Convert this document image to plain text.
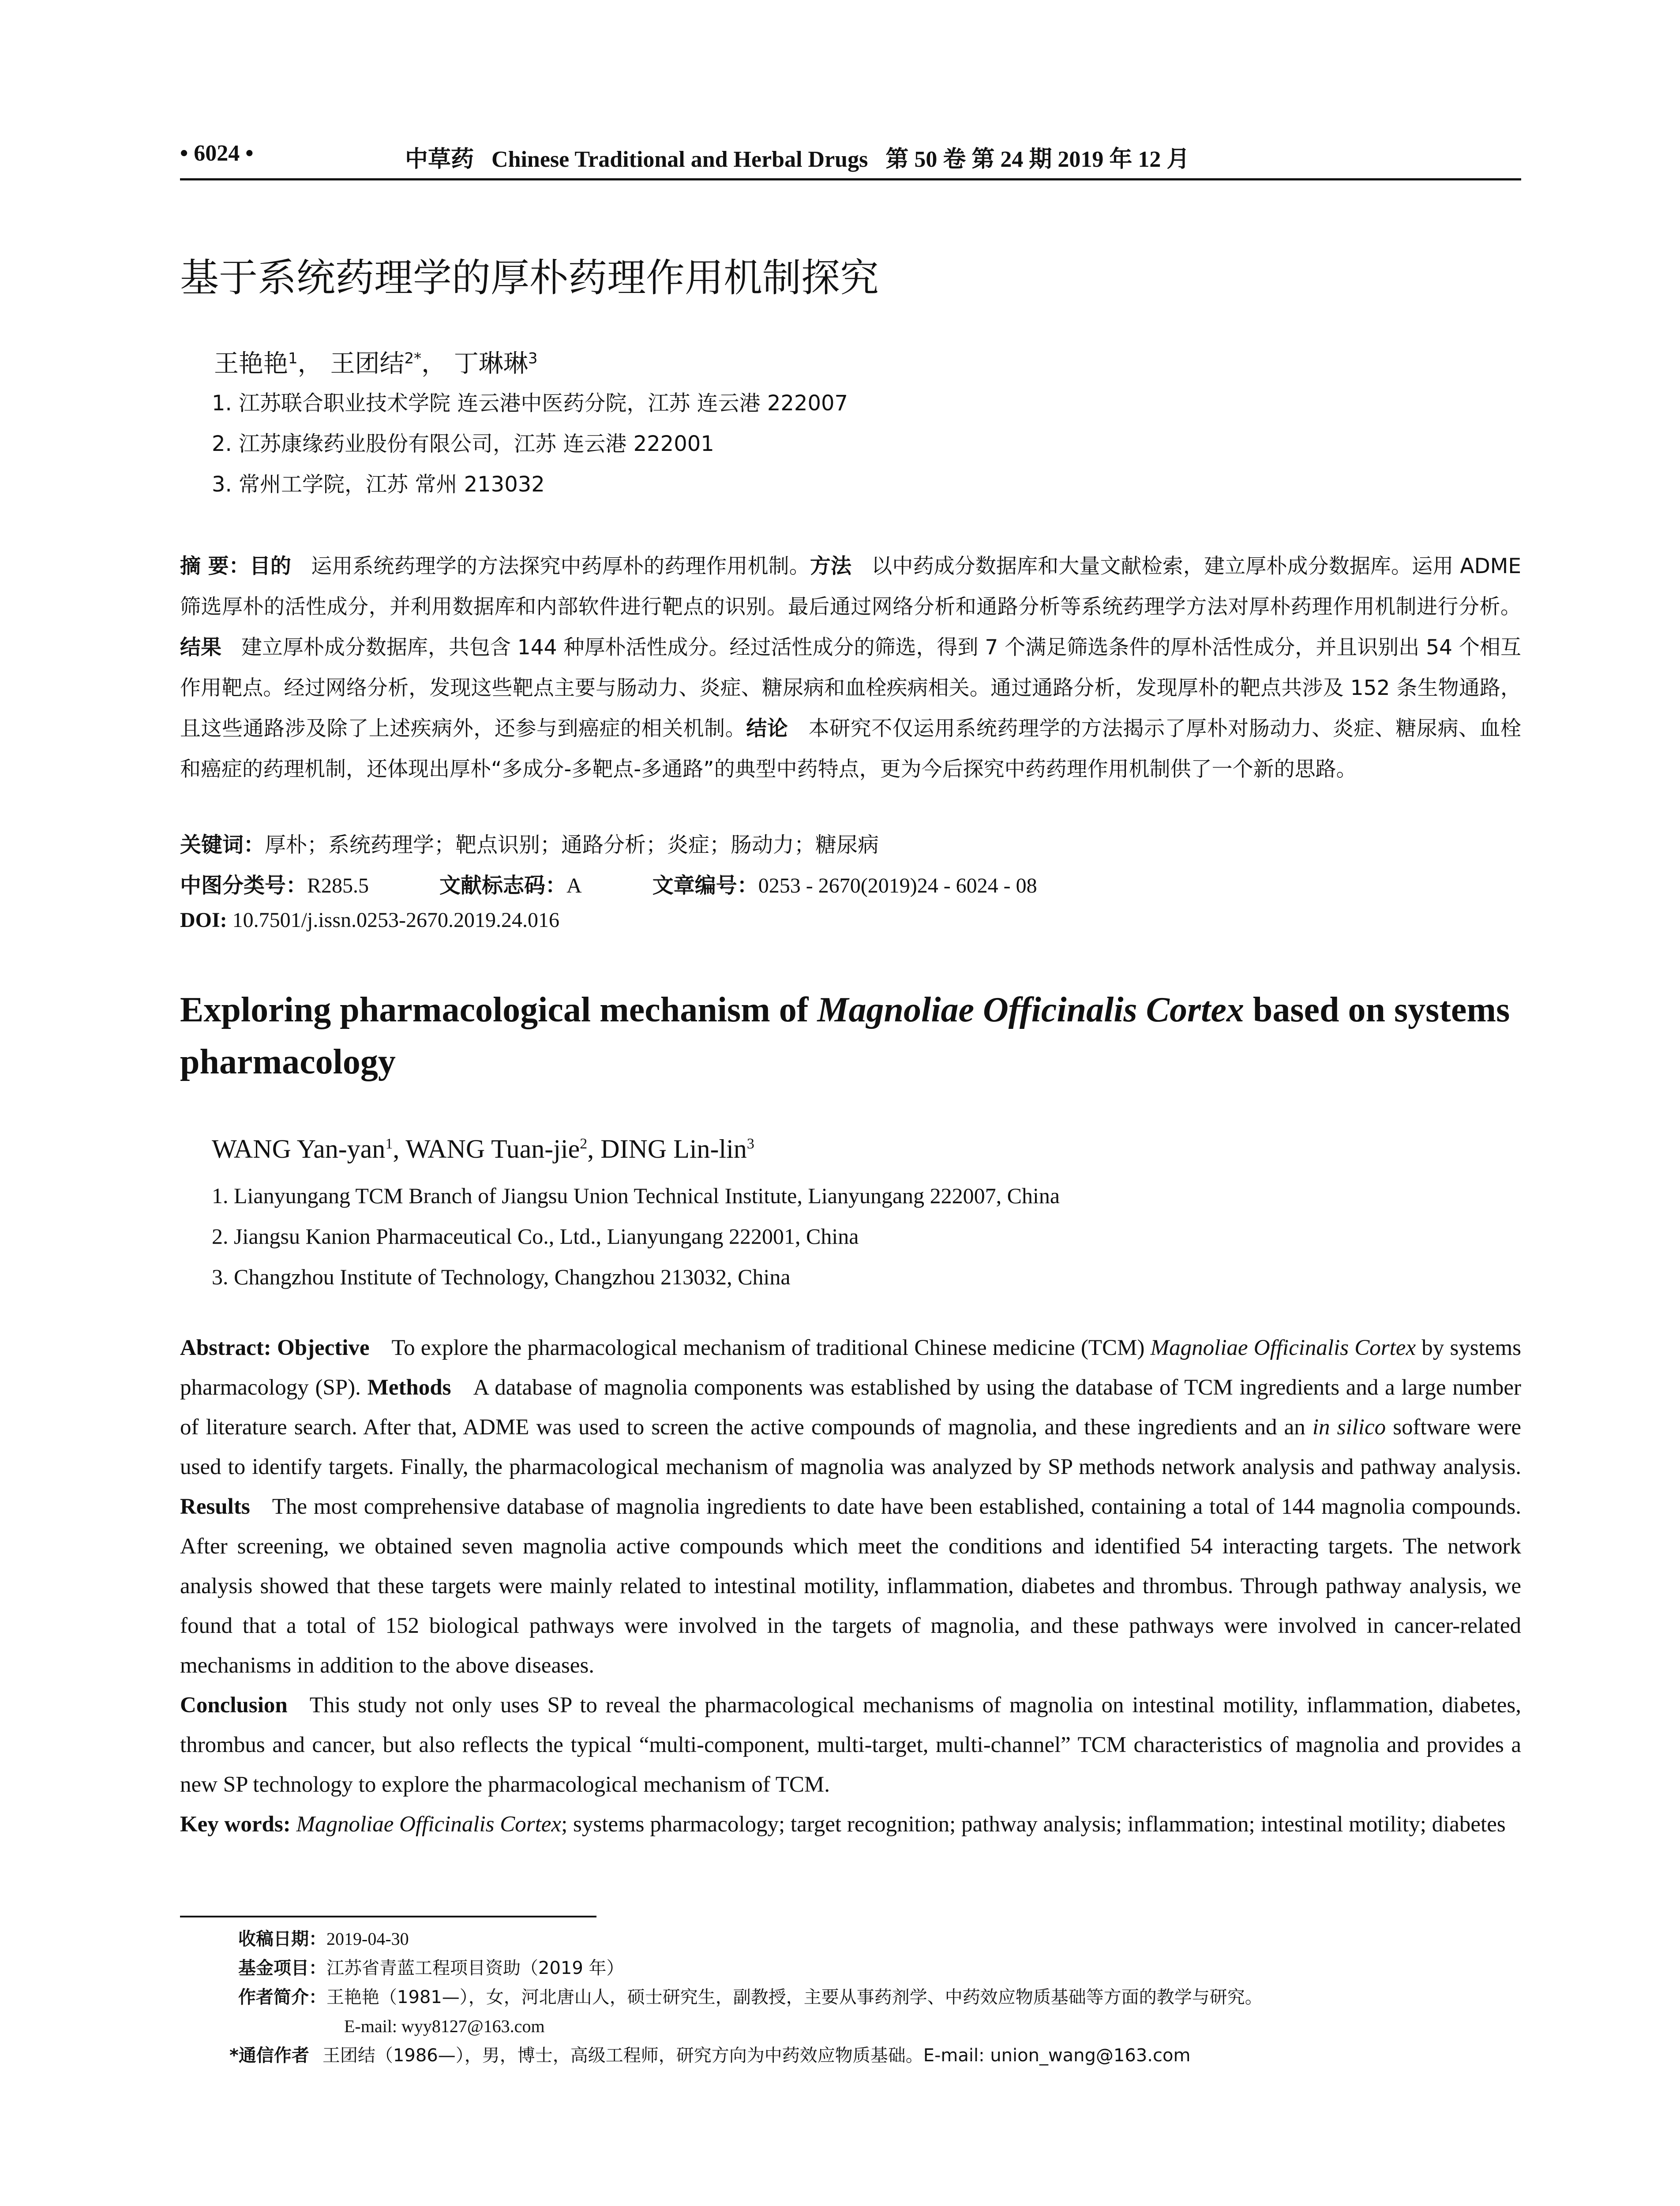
• 6024 •	中草药 Chinese Traditional and Herbal Drugs 第 50 卷 第 24 期 2019 年 12 月
基于系统药理学的厚朴药理作用机制探究
王艳艳$^1$， 王团结$^{2*}$， 丁琳琳$^3$
1. 江苏联合职业技术学院 连云港中医药分院，江苏 连云港 222007
2. 江苏康缘药业股份有限公司，江苏 连云港 222001
3. 常州工学院，江苏 常州 213032
摘 要：目的 运用系统药理学的方法探究中药厚朴的药理作用机制。方法 以中药成分数据库和大量文献检索，建立厚朴成分数据库。运用 ADME 筛选厚朴的活性成分，并利用数据库和内部软件进行靶点的识别。最后通过网络分析和通路分析等系统药理学方法对厚朴药理作用机制进行分析。结果 建立厚朴成分数据库，共包含 144 种厚朴活性成分。经过活性成分的筛选，得到 7 个满足筛选条件的厚朴活性成分，并且识别出 54 个相互作用靶点。经过网络分析，发现这些靶点主要与肠动力、炎症、糖尿病和血栓疾病相关。通过通路分析，发现厚朴的靶点共涉及 152 条生物通路，且这些通路涉及除了上述疾病外，还参与到癌症的相关机制。结论 本研究不仅运用系统药理学的方法揭示了厚朴对肠动力、炎症、糖尿病、血栓和癌症的药理机制，还体现出厚朴“多成分-多靶点-多通路”的典型中药特点，更为今后探究中药药理作用机制供了一个新的思路。
关键词：厚朴；系统药理学；靶点识别；通路分析；炎症；肠动力；糖尿病
中图分类号：R285.5	文献标志码：A	文章编号：0253 - 2670(2019)24 - 6024 - 08
DOI: 10.7501/j.issn.0253-2670.2019.24.016
Exploring pharmacological mechanism of Magnoliae Officinalis Cortex based on systems pharmacology
WANG Yan-yan$^1$, WANG Tuan-jie$^2$, DING Lin-lin$^3$
1. Lianyungang TCM Branch of Jiangsu Union Technical Institute, Lianyungang 222007, China
2. Jiangsu Kanion Pharmaceutical Co., Ltd., Lianyungang 222001, China
3. Changzhou Institute of Technology, Changzhou 213032, China
Abstract: Objective To explore the pharmacological mechanism of traditional Chinese medicine (TCM) Magnoliae Officinalis Cortex by systems pharmacology (SP). Methods A database of magnolia components was established by using the database of TCM ingredients and a large number of literature search. After that, ADME was used to screen the active compounds of magnolia, and these ingredients and an in silico software were used to identify targets. Finally, the pharmacological mechanism of magnolia was analyzed by SP methods network analysis and pathway analysis. Results The most comprehensive database of magnolia ingredients to date have been established, containing a total of 144 magnolia compounds. After screening, we obtained seven magnolia active compounds which meet the conditions and identified 54 interacting targets. The network analysis showed that these targets were mainly related to intestinal motility, inflammation, diabetes and thrombus. Through pathway analysis, we found that a total of 152 biological pathways were involved in the targets of magnolia, and these pathways were involved in cancer-related mechanisms in addition to the above diseases.
Conclusion This study not only uses SP to reveal the pharmacological mechanisms of magnolia on intestinal motility, inflammation, diabetes, thrombus and cancer, but also reflects the typical “multi-component, multi-target, multi-channel” TCM characteristics of magnolia and provides a new SP technology to explore the pharmacological mechanism of TCM.
Key words: Magnoliae Officinalis Cortex; systems pharmacology; target recognition; pathway analysis; inflammation; intestinal motility; diabetes
收稿日期：2019-04-30
基金项目：江苏省青蓝工程项目资助（2019 年）
作者简介：王艳艳（1981—），女，河北唐山人，硕士研究生，副教授，主要从事药剂学、中药效应物质基础等方面的教学与研究。
E-mail: wyy8127@163.com
*通信作者 王团结（1986—），男，博士，高级工程师，研究方向为中药效应物质基础。E-mail: union_wang@163.com
